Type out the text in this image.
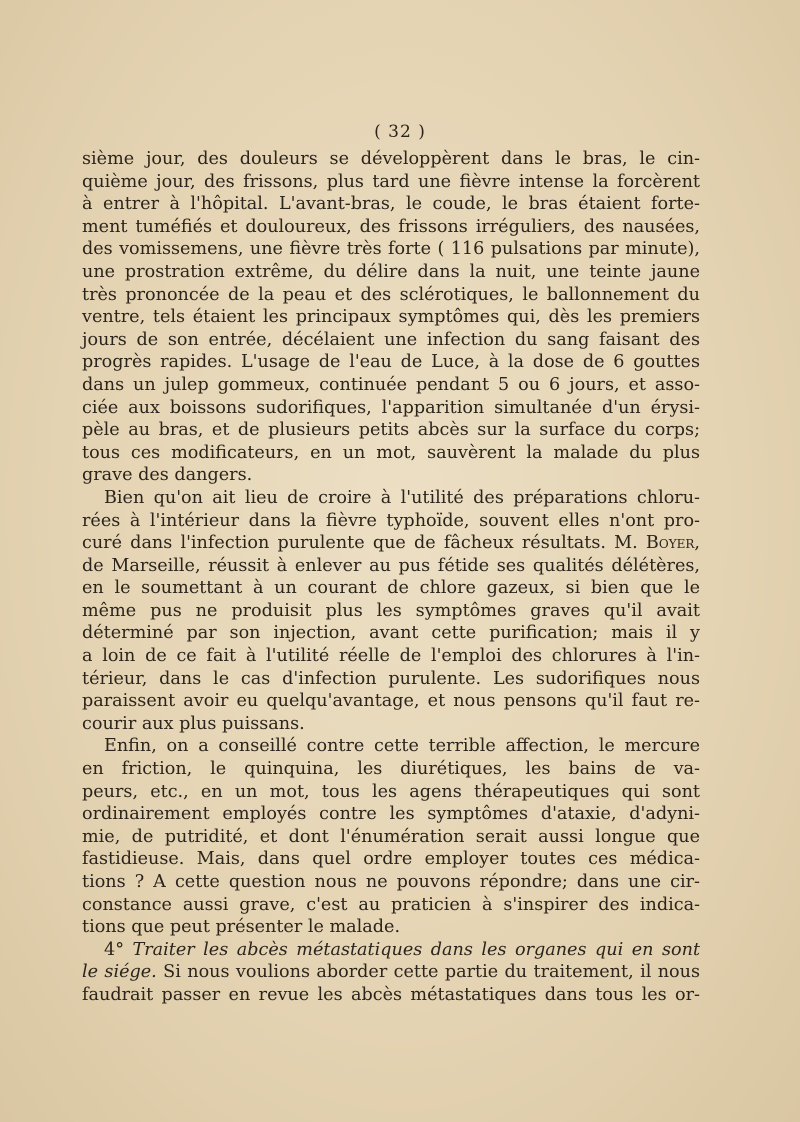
( 32 )
sième jour, des douleurs se développèrent dans le bras, le cin-
quième jour, des frissons, plus tard une fièvre intense la forcèrent
à entrer à l'hôpital. L'avant-bras, le coude, le bras étaient forte-
ment tuméfiés et douloureux, des frissons irréguliers, des nausées,
des vomissemens, une fièvre très forte ( 116 pulsations par minute),
une prostration extrême, du délire dans la nuit, une teinte jaune
très prononcée de la peau et des sclérotiques, le ballonnement du
ventre, tels étaient les principaux symptômes qui, dès les premiers
jours de son entrée, décélaient une infection du sang faisant des
progrès rapides. L'usage de l'eau de Luce, à la dose de 6 gouttes
dans un julep gommeux, continuée pendant 5 ou 6 jours, et asso-
ciée aux boissons sudorifiques, l'apparition simultanée d'un érysi-
pèle au bras, et de plusieurs petits abcès sur la surface du corps;
tous ces modificateurs, en un mot, sauvèrent la malade du plus
grave des dangers.
Bien qu'on ait lieu de croire à l'utilité des préparations chloru-
rées à l'intérieur dans la fièvre typhoïde, souvent elles n'ont pro-
curé dans l'infection purulente que de fâcheux résultats. M. Boyer,
de Marseille, réussit à enlever au pus fétide ses qualités délétères,
en le soumettant à un courant de chlore gazeux, si bien que le
même pus ne produisit plus les symptômes graves qu'il avait
déterminé par son injection, avant cette purification; mais il y
a loin de ce fait à l'utilité réelle de l'emploi des chlorures à l'in-
térieur, dans le cas d'infection purulente. Les sudorifiques nous
paraissent avoir eu quelqu'avantage, et nous pensons qu'il faut re-
courir aux plus puissans.
Enfin, on a conseillé contre cette terrible affection, le mercure
en friction, le quinquina, les diurétiques, les bains de va-
peurs, etc., en un mot, tous les agens thérapeutiques qui sont
ordinairement employés contre les symptômes d'ataxie, d'adyni-
mie, de putridité, et dont l'énumération serait aussi longue que
fastidieuse. Mais, dans quel ordre employer toutes ces médica-
tions ? A cette question nous ne pouvons répondre; dans une cir-
constance aussi grave, c'est au praticien à s'inspirer des indica-
tions que peut présenter le malade.
4° Traiter les abcès métastatiques dans les organes qui en sont
le siége. Si nous voulions aborder cette partie du traitement, il nous
faudrait passer en revue les abcès métastatiques dans tous les or-
